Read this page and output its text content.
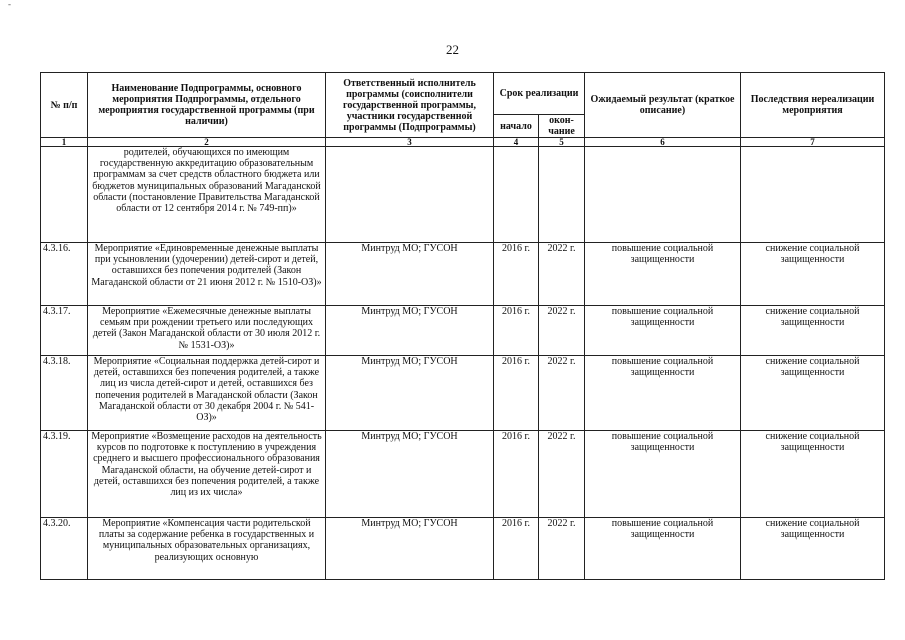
-
22
№ п/п	Наименование Подпрограммы, основного мероприятия Подпрограммы, отдельного мероприятия государственной программы (при наличии)	Ответственный исполнитель программы (соисполнители государственной программы, участники государственной программы (Подпрограммы)	Срок реализации		Ожидаемый результат (краткое описание)	Последствия нереализации мероприятия
			начало	окон-чание		
1	2	3	4	5	6	7
	родителей, обучающихся по имеющим государственную аккредитацию образовательным программам за счет средств областного бюджета или бюджетов муниципальных образований Магаданской области (постановление Правительства Магаданской области от 12 сентября 2014 г. № 749-пп)»					
4.3.16.	Мероприятие «Единовременные денежные выплаты при усыновлении (удочерении) детей-сирот и детей, оставшихся без попечения родителей (Закон Магаданской области от 21 июня 2012 г. № 1510-ОЗ)»	Минтруд МО; ГУСОН	2016 г.	2022 г.	повышение социальной защищенности	снижение социальной защищенности
4.3.17.	Мероприятие «Ежемесячные денежные выплаты семьям при рождении третьего или последующих детей (Закон Магаданской области от 30 июля 2012 г. № 1531-ОЗ)»	Минтруд МО; ГУСОН	2016 г.	2022 г.	повышение социальной защищенности	снижение социальной защищенности
4.3.18.	Мероприятие «Социальная поддержка детей-сирот и детей, оставшихся без попечения родителей, а также лиц из числа детей-сирот и детей, оставшихся без попечения родителей в Магаданской области (Закон Магаданской области от 30 декабря 2004 г. № 541-ОЗ)»	Минтруд МО; ГУСОН	2016 г.	2022 г.	повышение социальной защищенности	снижение социальной защищенности
4.3.19.	Мероприятие «Возмещение расходов на деятельность курсов по подготовке к поступлению в учреждения среднего и высшего профессионального образования Магаданской области, на обучение детей-сирот и детей, оставшихся без попечения родителей, а также лиц из их числа»	Минтруд МО; ГУСОН	2016 г.	2022 г.	повышение социальной защищенности	снижение социальной защищенности
4.3.20.	Мероприятие «Компенсация части родительской платы за содержание ребенка в государственных и муниципальных образовательных организациях, реализующих основную	Минтруд МО; ГУСОН	2016 г.	2022 г.	повышение социальной защищенности	снижение социальной защищенности
